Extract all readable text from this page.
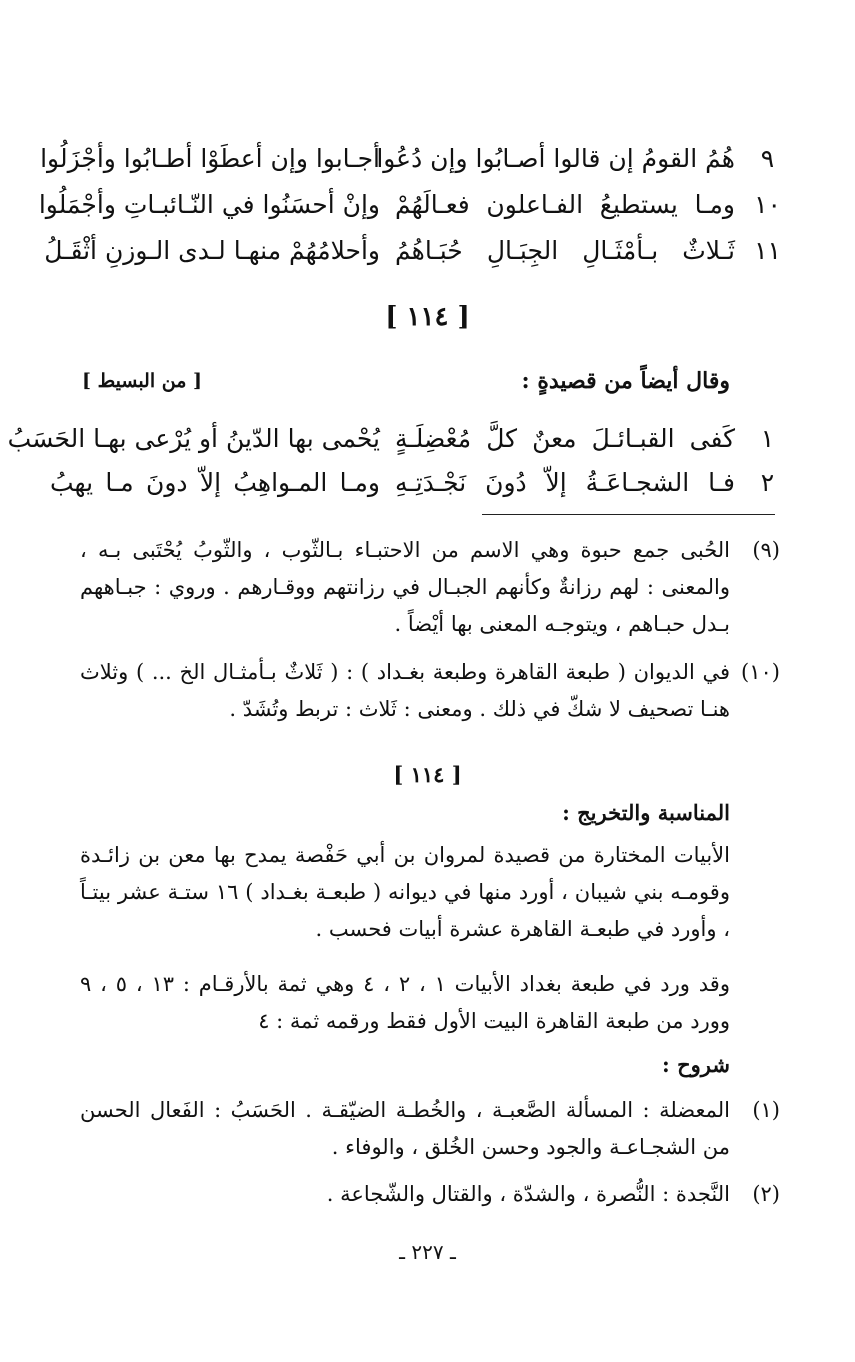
٩
هُمُ القومُ إن قالوا أصـابُوا وإن دُعُوا
أجـابوا وإن أعطَوْا أطـابُوا وأجْزَلُوا
١٠
ومـا يستطيعُ الفـاعلون فعـالَهُمْ
وإنْ أحسَنُوا في النّـائبـاتِ وأجْمَلُوا
١١
ثَـلاثٌ بـأمْثَـالِ الجِبَـالِ حُبَـاهُمُ
وأحلامُهُمْ منهـا لـدى الـوزنِ أثْقَـلُ
[ ١١٤ ]
وقال أيضاً من قصيدةٍ :
[ من البسيط ]
١
كَفى القبـائـلَ معنٌ كلَّ مُعْضِلَـةٍ
يُحْمى بها الدّينُ أو يُرْعى بهـا الحَسَبُ
٢
فـا الشجـاعَـةُ إلاّ دُونَ نَجْـدَتِـهِ
ومـا المـواهِبُ إلاّ دونَ مـا يهبُ
(٩)
الحُبى جمع حبوة وهي الاسم من الاحتبـاء بـالثّوب ، والثّوبُ يُحْتَبى بـه ، والمعنى : لهم رزانةٌ وكأنهم الجبـال في رزانتهم ووقـارهم . وروي : جبـاههم بـدل حبـاهم ، ويتوجـه المعنى بها أيْضاً .
(١٠)
في الديوان ( طبعة القاهرة وطبعة بغـداد ) : ( ثَلاثٌ بـأمثـال الخ ... ) وثلاث هنـا تصحيف لا شكّ في ذلك . ومعنى : ثَلاث : تربط وتُشَدّ .
[ ١١٤ ]
المناسبة والتخريج :
الأبيات المختارة من قصيدة لمروان بن أبي حَفْصة يمدح بها معن بن زائـدة وقومـه بني شيبان ، أورد منها في ديوانه ( طبعـة بغـداد ) ١٦ ستـة عشر بيتـاً ، وأورد في طبعـة القاهرة عشرة أبيات فحسب .
وقد ورد في طبعة بغداد الأبيات ١ ، ٢ ، ٤ وهي ثمة بالأرقـام : ١٣ ، ٥ ، ٩ وورد من طبعة القاهرة البيت الأول فقط ورقمه ثمة : ٤
شروح :
(١)
المعضلة : المسألة الصَّعبـة ، والخُطـة الضيّقـة . الحَسَبُ : الفَعال الحسن من الشجـاعـة والجود وحسن الخُلق ، والوفاء .
(٢)
النَّجدة : النُّصرة ، والشدّة ، والقتال والشّجاعة .
ـ ٢٢٧ ـ
